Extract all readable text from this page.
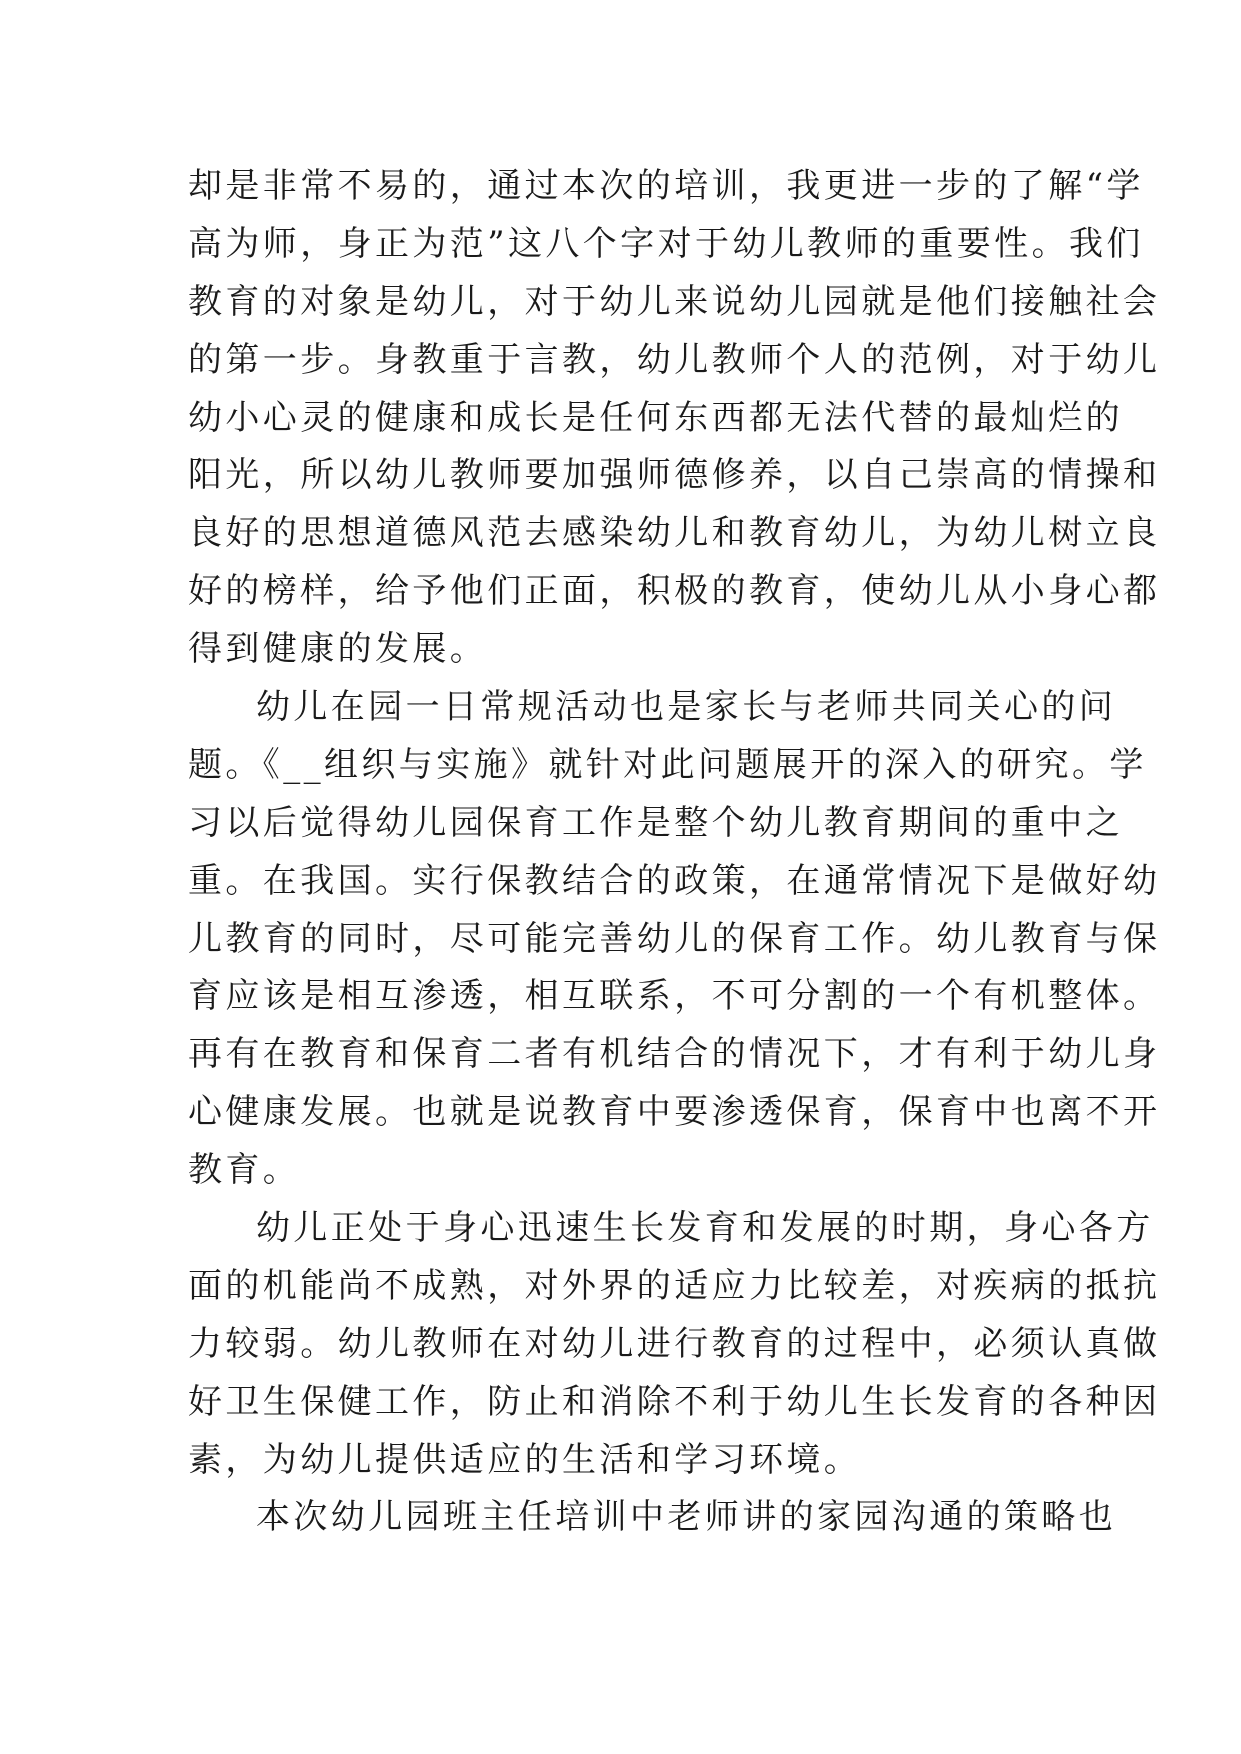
却是非常不易的，通过本次的培训，我更进一步的了解“学
高为师，身正为范”这八个字对于幼儿教师的重要性。我们
教育的对象是幼儿，对于幼儿来说幼儿园就是他们接触社会
的第一步。身教重于言教，幼儿教师个人的范例，对于幼儿
幼小心灵的健康和成长是任何东西都无法代替的最灿烂的
阳光，所以幼儿教师要加强师德修养，以自己崇高的情操和
良好的思想道德风范去感染幼儿和教育幼儿，为幼儿树立良
好的榜样，给予他们正面，积极的教育，使幼儿从小身心都
得到健康的发展。
幼儿在园一日常规活动也是家长与老师共同关心的问
题。《__组织与实施》就针对此问题展开的深入的研究。学
习以后觉得幼儿园保育工作是整个幼儿教育期间的重中之
重。在我国。实行保教结合的政策，在通常情况下是做好幼
儿教育的同时，尽可能完善幼儿的保育工作。幼儿教育与保
育应该是相互渗透，相互联系，不可分割的一个有机整体。
再有在教育和保育二者有机结合的情况下，才有利于幼儿身
心健康发展。也就是说教育中要渗透保育，保育中也离不开
教育。
幼儿正处于身心迅速生长发育和发展的时期，身心各方
面的机能尚不成熟，对外界的适应力比较差，对疾病的抵抗
力较弱。幼儿教师在对幼儿进行教育的过程中，必须认真做
好卫生保健工作，防止和消除不利于幼儿生长发育的各种因
素，为幼儿提供适应的生活和学习环境。
本次幼儿园班主任培训中老师讲的家园沟通的策略也
